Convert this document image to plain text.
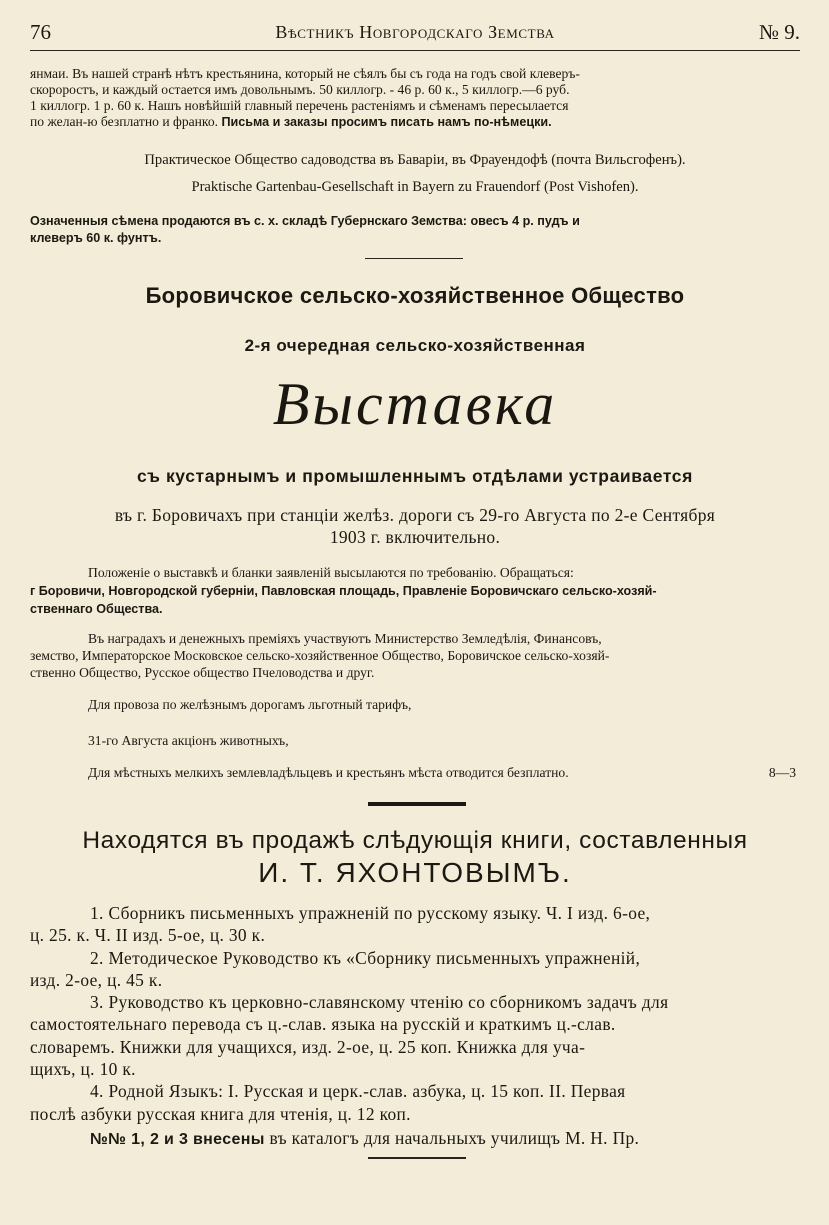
76	Вѣстникъ Новгородскаго Земства	№ 9.
янмаи. Въ нашей странѣ нѣтъ крестьянина, который не сѣялъ бы съ года на годъ свой клеверъ-
скороростъ, и каждый остается имъ довольнымъ. 50 киллогр. - 46 р. 60 к., 5 киллогр.—6 руб.
1 киллогр. 1 р. 60 к. Нашъ новѣйшій главный перечень растеніямъ и сѣменамъ пересылается
по желан-ю безплатно и франко. Письма и заказы просимъ писать намъ по-нѣмецки.
Практическое Общество садоводства въ Баваріи, въ Фрауендофѣ (почта Вильсгофенъ).
Praktische Gartenbau-Gesellschaft in Bayern zu Frauendorf (Post Vishofen).
Означенныя сѣмена продаются въ с. х. складѣ Губернскаго Земства: овесъ 4 р. пудъ и
клеверъ 60 к. фунтъ.
Боровичское сельско-хозяйственное Общество
2-я очередная сельско-хозяйственная
Выставка
съ кустарнымъ и промышленнымъ отдѣлами устраивается
въ г. Боровичахъ при станціи желѣз. дороги съ 29-го Августа по 2-е Сентября
1903 г. включительно.
Положеніе о выставкѣ и бланки заявленій высылаются по требованію. Обращаться:
г Боровичи, Новгородской губерніи, Павловская площадь, Правленіе Боровичскаго сельско-хозяй-
ственнаго Общества.
Въ наградахъ и денежныхъ преміяхъ участвуютъ Министерство Земледѣлія, Финансовъ,
земство, Императорское Московское сельско-хозяйственное Общество, Боровичское сельско-хозяй-
ственно Общество, Русское общество Пчеловодства и друг.
Для провоза по желѣзнымъ дорогамъ льготный тарифъ,
31-го Августа акціонъ животныхъ,
Для мѣстныхъ мелкихъ землевладѣльцевъ и крестьянъ мѣста отводится безплатно.	8—3
Находятся въ продажѣ слѣдующія книги, составленныя
И. Т. ЯХОНТОВЫМЪ.

1. Сборникъ письменныхъ упражненій по русскому языку. Ч. I изд. 6-ое,

ц. 25. к. Ч. II изд. 5-ое, ц. 30 к.

2. Методическое Руководство къ «Сборнику письменныхъ упражненій,

изд. 2-ое, ц. 45 к.

3. Руководство къ церковно-славянскому чтенію со сборникомъ задачъ для

самостоятельнаго перевода съ ц.-слав. языка на русскій и краткимъ ц.-слав.

словаремъ. Книжки для учащихся, изд. 2-ое, ц. 25 коп. Книжка для уча-

щихъ, ц. 10 к.

4. Родной Языкъ: I. Русская и церк.-слав. азбука, ц. 15 коп. II. Первая

послѣ азбуки русская книга для чтенія, ц. 12 коп.

№№ 1, 2 и 3 внесены въ каталогъ для начальныхъ училищъ М. Н. Пр.
